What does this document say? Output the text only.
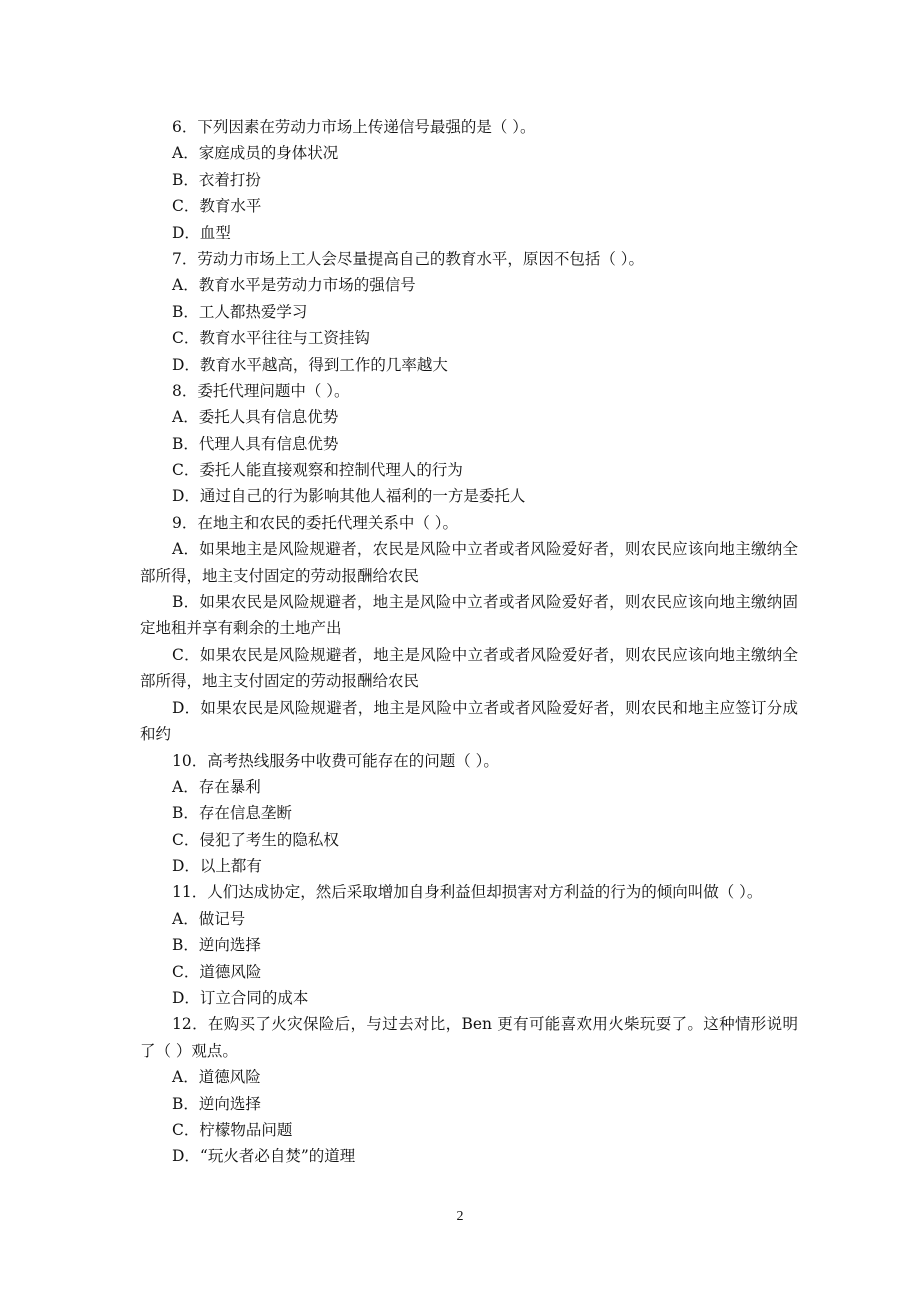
6．下列因素在劳动力市场上传递信号最强的是（ ）。
A．家庭成员的身体状况
B．衣着打扮
C．教育水平
D．血型
7．劳动力市场上工人会尽量提高自己的教育水平，原因不包括（ ）。
A．教育水平是劳动力市场的强信号
B．工人都热爱学习
C．教育水平往往与工资挂钩
D．教育水平越高，得到工作的几率越大
8．委托代理问题中（ ）。
A．委托人具有信息优势
B．代理人具有信息优势
C．委托人能直接观察和控制代理人的行为
D．通过自己的行为影响其他人福利的一方是委托人
9．在地主和农民的委托代理关系中（ ）。
A．如果地主是风险规避者，农民是风险中立者或者风险爱好者，则农民应该向地主缴纳全部所得，地主支付固定的劳动报酬给农民
B．如果农民是风险规避者，地主是风险中立者或者风险爱好者，则农民应该向地主缴纳固定地租并享有剩余的土地产出
C．如果农民是风险规避者，地主是风险中立者或者风险爱好者，则农民应该向地主缴纳全部所得，地主支付固定的劳动报酬给农民
D．如果农民是风险规避者，地主是风险中立者或者风险爱好者，则农民和地主应签订分成和约
10．高考热线服务中收费可能存在的问题（ ）。
A．存在暴利
B．存在信息垄断
C．侵犯了考生的隐私权
D．以上都有
11．人们达成协定，然后采取增加自身利益但却损害对方利益的行为的倾向叫做（ ）。
A．做记号
B．逆向选择
C．道德风险
D．订立合同的成本
12．在购买了火灾保险后，与过去对比，Ben 更有可能喜欢用火柴玩耍了。这种情形说明了（ ）观点。
A．道德风险
B．逆向选择
C．柠檬物品问题
D．“玩火者必自焚”的道理
2
